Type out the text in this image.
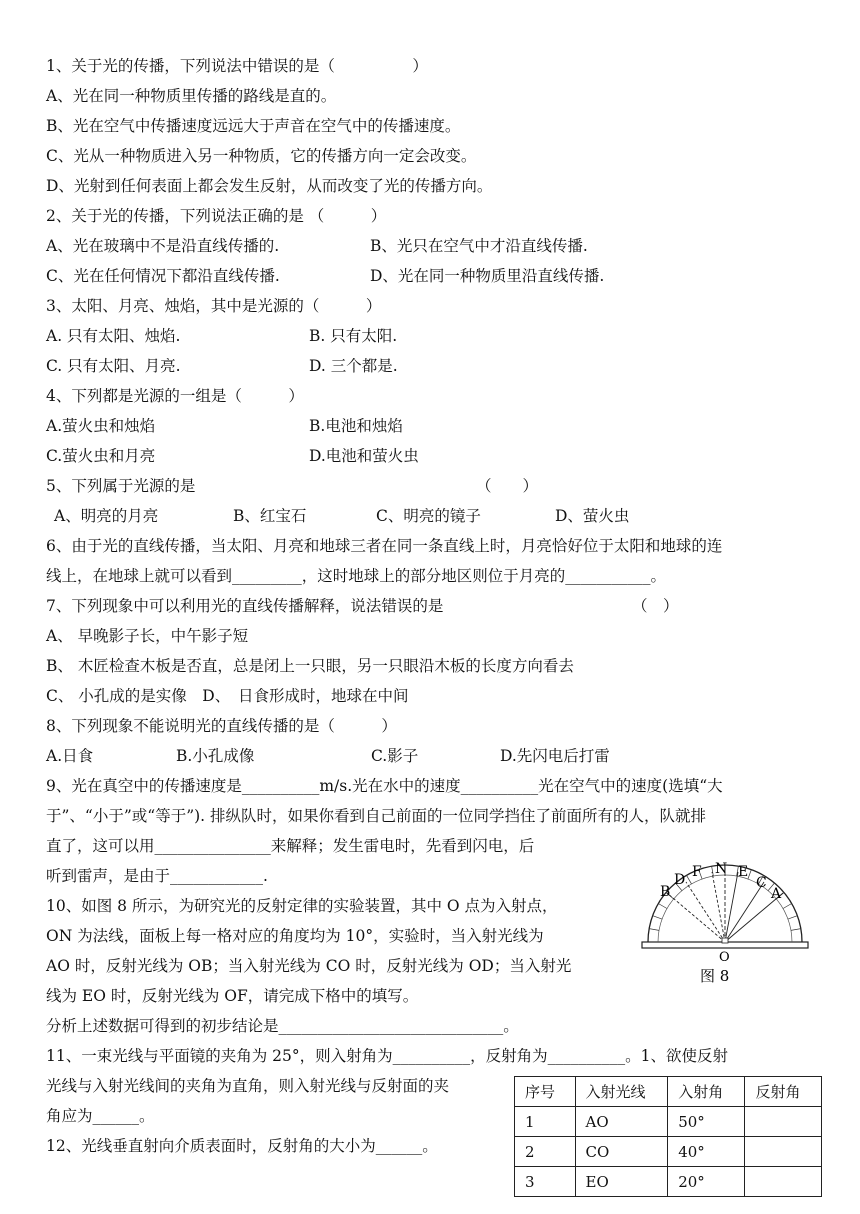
1、关于光的传播，下列说法中错误的是（　　　　　）
A、光在同一种物质里传播的路线是直的。
B、光在空气中传播速度远远大于声音在空气中的传播速度。
C、光从一种物质进入另一种物质，它的传播方向一定会改变。
D、光射到任何表面上都会发生反射，从而改变了光的传播方向。
2、关于光的传播，下列说法正确的是 （　　　）
A、光在玻璃中不是沿直线传播的.	B、光只在空气中才沿直线传播.
C、光在任何情况下都沿直线传播.	D、光在同一种物质里沿直线传播.
3、太阳、月亮、烛焰，其中是光源的（　　　）
A. 只有太阳、烛焰.	B. 只有太阳.
C. 只有太阳、月亮.	D. 三个都是.
4、下列都是光源的一组是（　　　）
A.萤火虫和烛焰	B.电池和烛焰
C.萤火虫和月亮	D.电池和萤火虫
5、下列属于光源的是	（　　）
A、明亮的月亮	B、红宝石	C、明亮的镜子	D、萤火虫
6、由于光的直线传播，当太阳、月亮和地球三者在同一条直线上时，月亮恰好位于太阳和地球的连
线上，在地球上就可以看到_________，这时地球上的部分地区则位于月亮的___________。
7、下列现象中可以利用光的直线传播解释，说法错误的是	（　）
A、 早晚影子长，中午影子短
B、 木匠检查木板是否直，总是闭上一只眼，另一只眼沿木板的长度方向看去
C、 小孔成的是实像　D、　日食形成时，地球在中间
8、下列现象不能说明光的直线传播的是（　　　）
A.日食	B.小孔成像	C.影子	D.先闪电后打雷
9、光在真空中的传播速度是__________m/s.光在水中的速度__________光在空气中的速度(选填“大
于”、“小于”或“等于”). 排纵队时，如果你看到自己前面的一位同学挡住了前面所有的人，队就排
直了，这可以用_______________来解释；发生雷电时，先看到闪电，后
听到雷声，是由于____________.
10、如图 8 所示，为研究光的反射定律的实验装置，其中 O 点为入射点，
ON 为法线，面板上每一格对应的角度均为 10°，实验时，当入射光线为
AO 时，反射光线为 OB；当入射光线为 CO 时，反射光线为 OD；当入射光
线为 EO 时，反射光线为 OF，请完成下格中的填写。
分析上述数据可得到的初步结论是_____________________________。
11、一束光线与平面镜的夹角为 25°，则入射角为__________，反射角为__________。1、欲使反射
光线与入射光线间的夹角为直角，则入射光线与反射面的夹
角应为______。
12、光线垂直射向介质表面时，反射角的大小为______。
B
D F N E
C
A
O
图 8
序号	入射光线	入射角	反射角
1	AO	50°	
2	CO	40°	
3	EO	20°	
